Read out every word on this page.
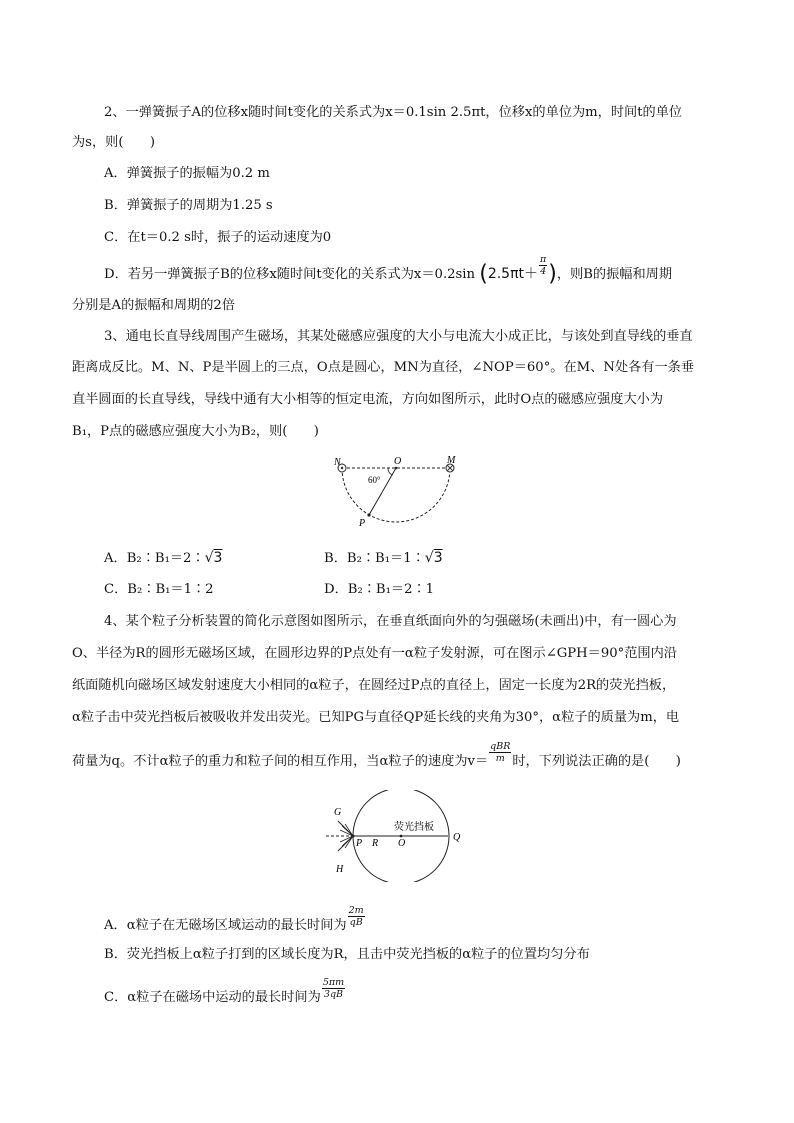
2、一弹簧振子A的位移x随时间t变化的关系式为x＝0.1sin 2.5πt，位移x的单位为m，时间t的单位
为s，则(　　)
A．弹簧振子的振幅为0.2 m
B．弹簧振子的周期为1.25 s
C．在t＝0.2 s时，振子的运动速度为0
D．若另一弹簧振子B的位移x随时间t变化的关系式为x＝0.2sin ($2.5\pi t+ \frac{\pi}{4}$ )，则B的振幅和周期
分别是A的振幅和周期的2倍
3、通电长直导线周围产生磁场，其某处磁感应强度的大小与电流大小成正比，与该处到直导线的垂直
距离成反比。M、N、P是半圆上的三点，O点是圆心，MN为直径，∠NOP＝60°。在M、N处各有一条垂
直半圆面的长直导线，导线中通有大小相等的恒定电流，方向如图所示，此时O点的磁感应强度大小为
B₁，P点的磁感应强度大小为B₂，则(　　)
N	O	M
P
60°
A．B₂∶B₁＝2∶√3	B．B₂∶B₁＝1∶√3
C．B₂∶B₁＝1∶2	D．B₂∶B₁＝2∶1
4、某个粒子分析装置的简化示意图如图所示，在垂直纸面向外的匀强磁场(未画出)中，有一圆心为
O、半径为R的圆形无磁场区域，在圆形边界的P点处有一α粒子发射源，可在图示∠GPH＝90°范围内沿
纸面随机向磁场区域发射速度大小相同的α粒子，在圆经过P点的直径上，固定一长度为2R的荧光挡板，
α粒子击中荧光挡板后被吸收并发出荧光。已知PG与直径QP延长线的夹角为30°，α粒子的质量为m，电
荷量为q。不计α粒子的重力和粒子间的相互作用，当α粒子的速度为$v= \frac{\text{qBR}}{m}$ 时，下列说法正确的是(　　)
G
H
P R O
Q
荧光挡板
A．α粒子在无磁场区域运动的最长时间为 $\frac{2m}{qB}$
B．荧光挡板上α粒子打到的区域长度为R，且击中荧光挡板的α粒子的位置均匀分布
C．α粒子在磁场中运动的最长时间为 $\frac{5\pi m}{3qB}$
